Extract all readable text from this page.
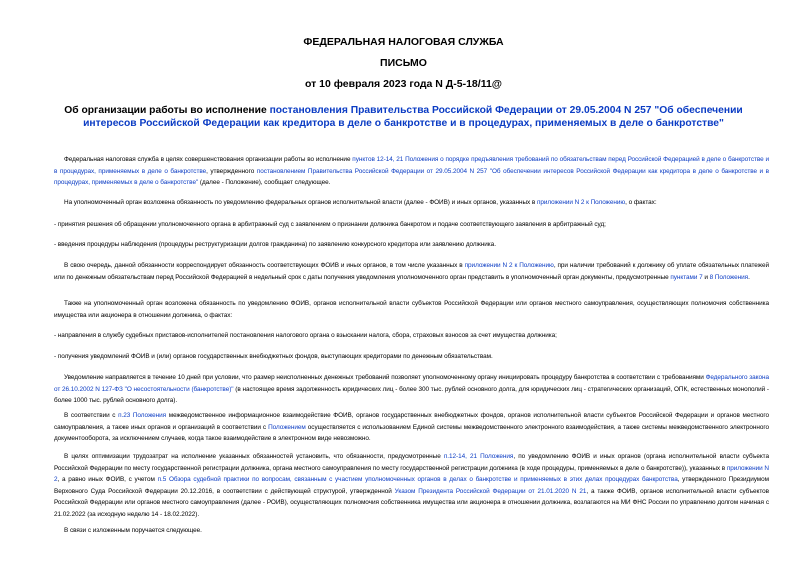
ФЕДЕРАЛЬНАЯ НАЛОГОВАЯ СЛУЖБА
ПИСЬМО
от 10 февраля 2023 года N Д-5-18/11@
Об организации работы во исполнение постановления Правительства Российской Федерации от 29.05.2004 N 257 "Об обеспечении интересов Российской Федерации как кредитора в деле о банкротстве и в процедурах, применяемых в деле о банкротстве"
Федеральная налоговая служба в целях совершенствования организации работы во исполнение пунктов 12-14, 21 Положения о порядке предъявления требований по обязательствам перед Российской Федерацией в деле о банкротстве и в процедурах, применяемых в деле о банкротстве, утвержденного постановлением Правительства Российской Федерации от 29.05.2004 N 257 "Об обеспечении интересов Российской Федерации как кредитора в деле о банкротстве и в процедурах, применяемых в деле о банкротстве" (далее - Положение), сообщает следующее.
На уполномоченный орган возложена обязанность по уведомлению федеральных органов исполнительной власти (далее - ФОИВ) и иных органов, указанных в приложении N 2 к Положению, о фактах:
- принятия решения об обращении уполномоченного органа в арбитражный суд с заявлением о признании должника банкротом и подаче соответствующего заявления в арбитражный суд;
- введения процедуры наблюдения (процедуры реструктуризации долгов гражданина) по заявлению конкурсного кредитора или заявлению должника.
В свою очередь, данной обязанности корреспондирует обязанность соответствующих ФОИВ и иных органов, в том числе указанных в приложении N 2 к Положению, при наличии требований к должнику об уплате обязательных платежей или по денежным обязательствам перед Российской Федерацией в недельный срок с даты получения уведомления уполномоченного орган представить в уполномоченный орган документы, предусмотренные пунктами 7 и 8 Положения.
Также на уполномоченный орган возложена обязанность по уведомлению ФОИВ, органов исполнительной власти субъектов Российской Федерации или органов местного самоуправления, осуществляющих полномочия собственника имущества или акционера в отношении должника, о фактах:
- направления в службу судебных приставов-исполнителей постановления налогового органа о взыскании налога, сбора, страховых взносов за счет имущества должника;
- получения уведомлений ФОИВ и (или) органов государственных внебюджетных фондов, выступающих кредиторами по денежным обязательствам.
Уведомление направляется в течение 10 дней при условии, что размер неисполненных денежных требований позволяет уполномоченному органу инициировать процедуру банкротства в соответствии с требованиями Федерального закона от 26.10.2002 N 127-ФЗ "О несостоятельности (банкротстве)" (в настоящее время задолженность юридических лиц - более 300 тыс. рублей основного долга, для юридических лиц - стратегических организаций, ОПК, естественных монополий - более 1000 тыс. рублей основного долга).
В соответствии с п.23 Положения межведомственное информационное взаимодействие ФОИВ, органов государственных внебюджетных фондов, органов исполнительной власти субъектов Российской Федерации и органов местного самоуправления, а также иных органов и организаций в соответствии с Положением осуществляется с использованием Единой системы межведомственного электронного взаимодействия, а также системы межведомственного электронного документооборота, за исключением случаев, когда такое взаимодействие в электронном виде невозможно.
В целях оптимизации трудозатрат на исполнение указанных обязанностей установить, что обязанности, предусмотренные п.12-14, 21 Положения, по уведомлению ФОИВ и иных органов (органа исполнительной власти субъекта Российской Федерации по месту государственной регистрации должника, органа местного самоуправления по месту государственной регистрации должника (в ходе процедуры, применяемых в деле о банкротстве)), указанных в приложении N 2, а равно иных ФОИВ, с учетом п.5 Обзора судебной практики по вопросам, связанным с участием уполномоченных органов в делах о банкротстве и применяемых в этих делах процедурах банкротства, утвержденного Президиумом Верховного Суда Российской Федерации 20.12.2016, в соответствии с действующей структурой, утвержденной Указом Президента Российской Федерации от 21.01.2020 N 21, а также ФОИВ, органов исполнительной власти субъектов Российской Федерации или органов местного самоуправления (далее - РОИВ), осуществляющих полномочия собственника имущества или акционера в отношении должника, возлагаются на МИ ФНС России по управлению долгом начиная с 21.02.2022 (за исходную неделю 14 - 18.02.2022).
В связи с изложенным поручается следующее.
